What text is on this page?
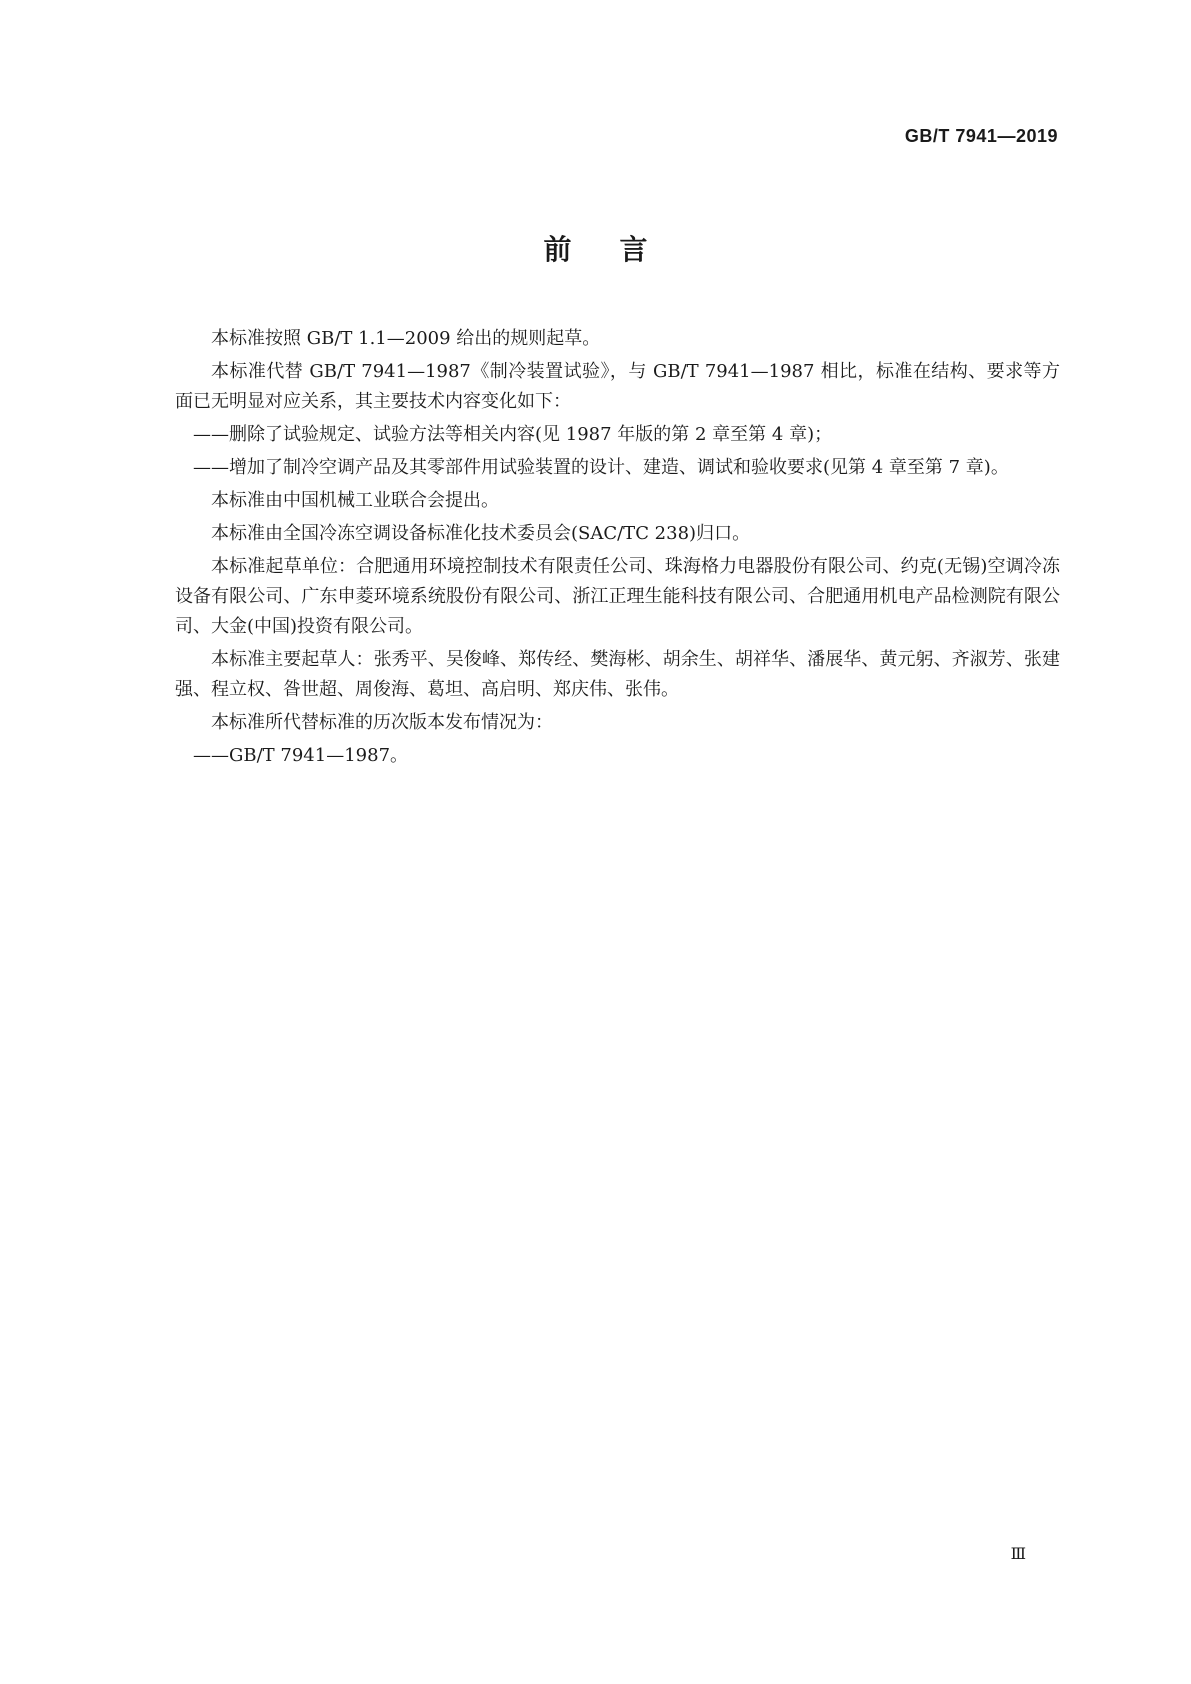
GB/T 7941—2019
前言

本标准按照 GB/T 1.1—2009 给出的规则起草。

本标准代替 GB/T 7941—1987《制冷装置试验》，与 GB/T 7941—1987 相比，标准在结构、要求等方面已无明显对应关系，其主要技术内容变化如下：

——删除了试验规定、试验方法等相关内容(见 1987 年版的第 2 章至第 4 章)；

——增加了制冷空调产品及其零部件用试验装置的设计、建造、调试和验收要求(见第 4 章至第 7 章)。

本标准由中国机械工业联合会提出。

本标准由全国冷冻空调设备标准化技术委员会(SAC/TC 238)归口。

本标准起草单位：合肥通用环境控制技术有限责任公司、珠海格力电器股份有限公司、约克(无锡)空调冷冻设备有限公司、广东申菱环境系统股份有限公司、浙江正理生能科技有限公司、合肥通用机电产品检测院有限公司、大金(中国)投资有限公司。

本标准主要起草人：张秀平、吴俊峰、郑传经、樊海彬、胡余生、胡祥华、潘展华、黄元躬、齐淑芳、张建强、程立权、昝世超、周俊海、葛坦、高启明、郑庆伟、张伟。

本标准所代替标准的历次版本发布情况为：

——GB/T 7941—1987。

Ⅲ
